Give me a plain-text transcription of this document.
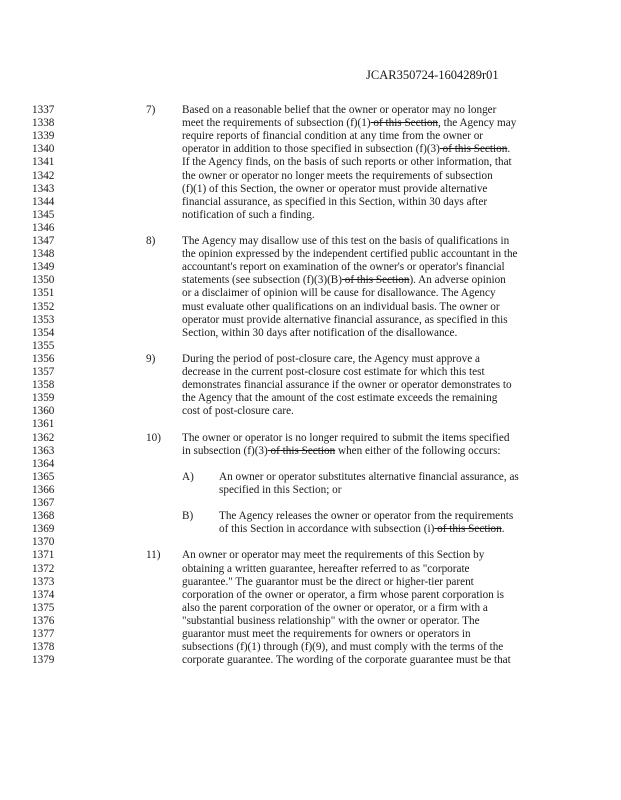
JCAR350724-1604289r01
1337
1338
1339
1340
1341
1342
1343
1344
1345
1346
1347
1348
1349
1350
1351
1352
1353
1354
1355
1356
1357
1358
1359
1360
1361
1362
1363
1364
1365
1366
1367
1368
1369
1370
1371
1372
1373
1374
1375
1376
1377
1378
1379
7) Based on a reasonable belief that the owner or operator may no longer
meet the requirements of subsection (f)(1) of this Section, the Agency may
require reports of financial condition at any time from the owner or
operator in addition to those specified in subsection (f)(3) of this Section.
If the Agency finds, on the basis of such reports or other information, that
the owner or operator no longer meets the requirements of subsection
(f)(1) of this Section, the owner or operator must provide alternative
financial assurance, as specified in this Section, within 30 days after
notification of such a finding.
8) The Agency may disallow use of this test on the basis of qualifications in
the opinion expressed by the independent certified public accountant in the
accountant's report on examination of the owner's or operator's financial
statements (see subsection (f)(3)(B) of this Section). An adverse opinion
or a disclaimer of opinion will be cause for disallowance. The Agency
must evaluate other qualifications on an individual basis. The owner or
operator must provide alternative financial assurance, as specified in this
Section, within 30 days after notification of the disallowance.
9) During the period of post-closure care, the Agency must approve a
decrease in the current post-closure cost estimate for which this test
demonstrates financial assurance if the owner or operator demonstrates to
the Agency that the amount of the cost estimate exceeds the remaining
cost of post-closure care.
10) The owner or operator is no longer required to submit the items specified
in subsection (f)(3) of this Section when either of the following occurs:
A) An owner or operator substitutes alternative financial assurance, as
specified in this Section; or
B) The Agency releases the owner or operator from the requirements
of this Section in accordance with subsection (i) of this Section.
11) An owner or operator may meet the requirements of this Section by
obtaining a written guarantee, hereafter referred to as "corporate
guarantee." The guarantor must be the direct or higher-tier parent
corporation of the owner or operator, a firm whose parent corporation is
also the parent corporation of the owner or operator, or a firm with a
"substantial business relationship" with the owner or operator. The
guarantor must meet the requirements for owners or operators in
subsections (f)(1) through (f)(9), and must comply with the terms of the
corporate guarantee. The wording of the corporate guarantee must be that
